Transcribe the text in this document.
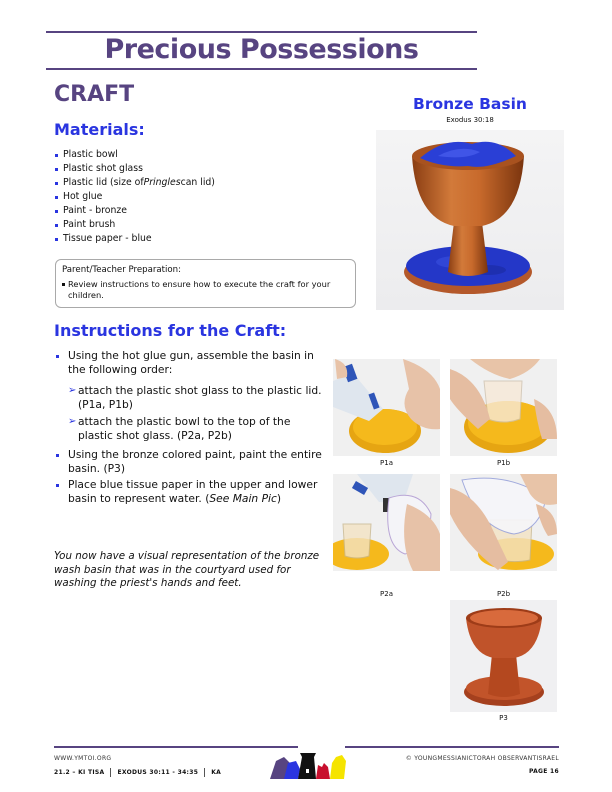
Precious Possessions
CRAFT
Materials:
Plastic bowl
Plastic shot glass
Plastic lid (size of Pringles can lid)
Hot glue
Paint - bronze
Paint brush
Tissue paper - blue
Parent/Teacher Preparation:
Review instructions to ensure how to execute the craft for your children.
Bronze Basin
Exodus 30:18
Instructions for the Craft:
Using the hot glue gun, assemble the basin in the following order:
➢ attach the plastic shot glass to the plastic lid. (P1a, P1b)
➢ attach the plastic bowl to the top of the plastic shot glass. (P2a, P2b)
Using the bronze colored paint, paint the entire basin. (P3)
Place blue tissue paper in the upper and lower basin to represent water. (See Main Pic)
You now have a visual representation of the bronze wash basin that was in the courtyard used for washing the priest's hands and feet.
P1a	P1b
P2a	P2b
P3
WWW.YMTOI.ORG
21.2 – KI TISA EXODUS 30:11 - 34:35 KA
© YOUNGMESSIANICTORAH OBSERVANTISRAEL
PAGE 16
